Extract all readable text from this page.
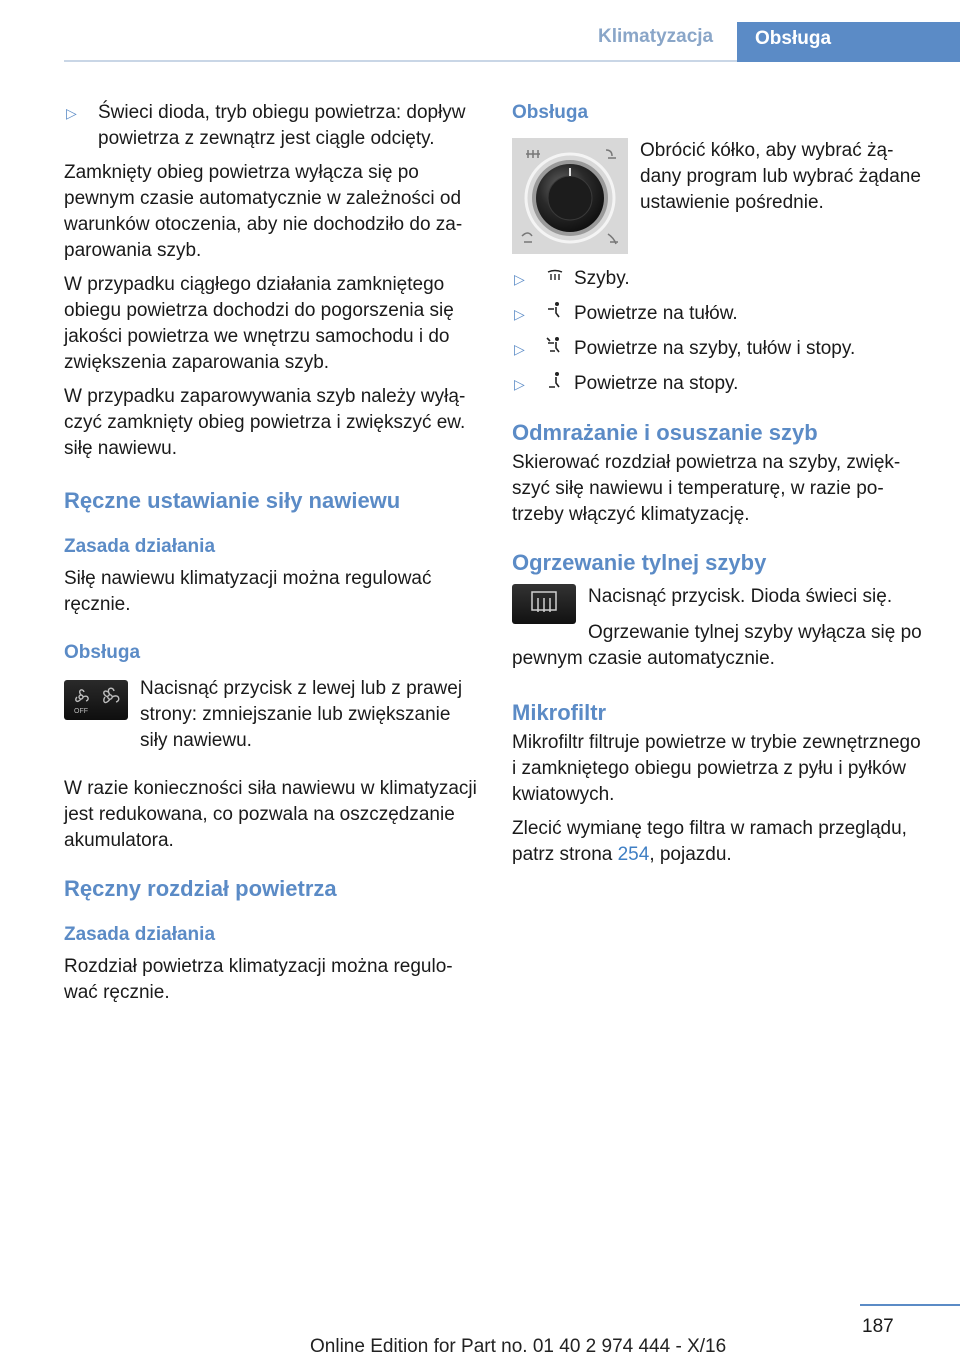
Klimatyzacja	Obsługa
▷ Świeci dioda, tryb obiegu powietrza: dopływ powietrza z zewnątrz jest ciągle odcięty.

Zamknięty obieg powietrza wyłącza się po pewnym czasie automatycznie w zależności od warunków otoczenia, aby nie dochodziło do zaparowania szyb.

W przypadku ciągłego działania zamkniętego obiegu powietrza dochodzi do pogorszenia się jakości powietrza we wnętrzu samochodu i do zwiększenia zaparowania szyb.

W przypadku zaparowywania szyb należy wyłączyć zamknięty obieg powietrza i zwiększyć ew. siłę nawiewu.

Ręczne ustawianie siły nawiewu
Zasada działania

Siłę nawiewu klimatyzacji można regulować ręcznie.

Obsługa
OFF
Nacisnąć przycisk z lewej lub z prawej strony: zmniejszanie lub zwiększanie siły nawiewu.

W razie konieczności siła nawiewu w klimatyzacji jest redukowana, co pozwala na oszczędzanie akumulatora.

Ręczny rozdział powietrza
Zasada działania

Rozdział powietrza klimatyzacji można regulować ręcznie.

Obsługa
Obrócić kółko, aby wybrać żądany program lub wybrać żądane ustawienie pośrednie.
▷	Szyby.
▷	Powietrze na tułów.
▷	Powietrze na szyby, tułów i stopy.
▷	Powietrze na stopy.
Odmrażanie i osuszanie szyb

Skierować rozdział powietrza na szyby, zwiększyć siłę nawiewu i temperaturę, w razie potrzeby włączyć klimatyzację.

Ogrzewanie tylnej szyby

Nacisnąć przycisk. Dioda świeci się.

Ogrzewanie tylnej szyby wyłącza się po pewnym czasie automatycznie.

Mikrofiltr

Mikrofiltr filtruje powietrze w trybie zewnętrznego i zamkniętego obiegu powietrza z pyłu i pyłków kwiatowych.

Zlecić wymianę tego filtra w ramach przeglądu, patrz strona 254, pojazdu.

187
Online Edition for Part no. 01 40 2 974 444 - X/16
